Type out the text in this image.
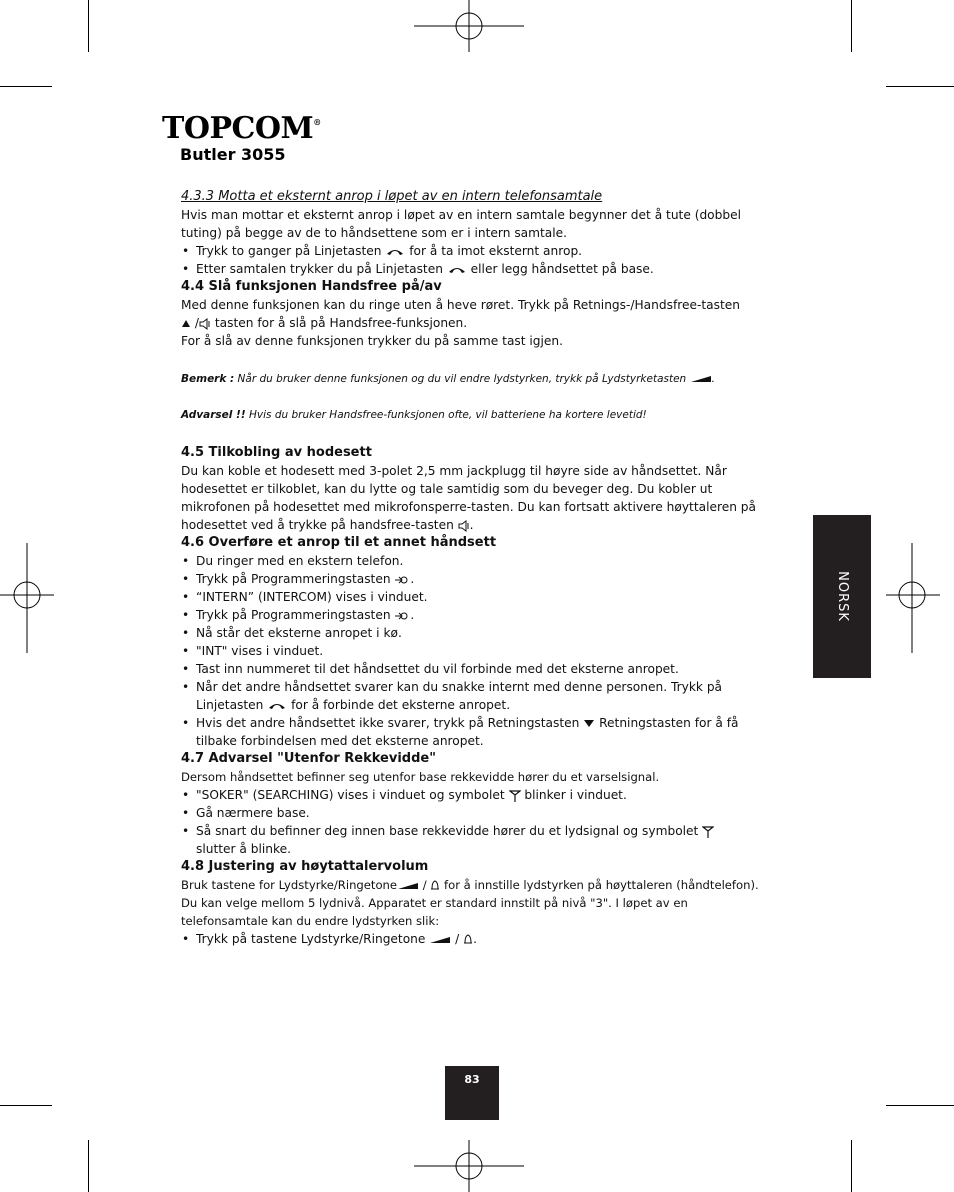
TOPCOM®
Butler 3055
NORSK
83

4.3.3 Motta et eksternt anrop i løpet av en intern telefonsamtale

Hvis man mottar et eksternt anrop i løpet av en intern samtale begynner det å tute (dobbel tuting) på begge av de to håndsettene som er i intern samtale.

• Trykk to ganger på Linjetasten for å ta imot eksternt anrop.
• Etter samtalen trykker du på Linjetasten eller legg håndsettet på base.

4.4 Slå funksjonen Handsfree på/av

Med denne funksjonen kan du ringe uten å heve røret. Trykk på Retnings-/Handsfree-tasten
/ tasten for å slå på Handsfree-funksjonen.

For å slå av denne funksjonen trykker du på samme tast igjen.

Bemerk : Når du bruker denne funksjonen og du vil endre lydstyrken, trykk på Lydstyrketasten .

Advarsel !! Hvis du bruker Handsfree-funksjonen ofte, vil batteriene ha kortere levetid!

4.5 Tilkobling av hodesett

Du kan koble et hodesett med 3-polet 2,5 mm jackplugg til høyre side av håndsettet. Når hodesettet er tilkoblet, kan du lytte og tale samtidig som du beveger deg. Du kobler ut mikrofonen på hodesettet med mikrofonsperre-tasten. Du kan fortsatt aktivere høyttaleren på hodesettet ved å trykke på handsfree-tasten .

4.6 Overføre et anrop til et annet håndsett

• Du ringer med en ekstern telefon.
• Trykk på Programmeringstasten .
• “INTERN” (INTERCOM) vises i vinduet.
• Trykk på Programmeringstasten .
• Nå står det eksterne anropet i kø.
• "INT" vises i vinduet.
• Tast inn nummeret til det håndsettet du vil forbinde med det eksterne anropet.
• Når det andre håndsettet svarer kan du snakke internt med denne personen. Trykk på Linjetasten for å forbinde det eksterne anropet.
• Hvis det andre håndsettet ikke svarer, trykk på Retningstasten Retningstasten for å få tilbake forbindelsen med det eksterne anropet.

4.7 Advarsel "Utenfor Rekkevidde"

Dersom håndsettet befinner seg utenfor base rekkevidde hører du et varselsignal.

• "SOKER" (SEARCHING) vises i vinduet og symbolet blinker i vinduet.
• Gå nærmere base.
• Så snart du befinner deg innen base rekkevidde hører du et lydsignal og symbolet
slutter å blinke.

4.8 Justering av høytattalervolum

Bruk tastene for Lydstyrke/Ringetone /  for å innstille lydstyrken på høyttaleren (håndtelefon). Du kan velge mellom 5 lydnivå. Apparatet er standard innstilt på nivå "3". I løpet av en telefonsamtale kan du endre lydstyrken slik:

• Trykk på tastene Lydstyrke/Ringetone  / .
